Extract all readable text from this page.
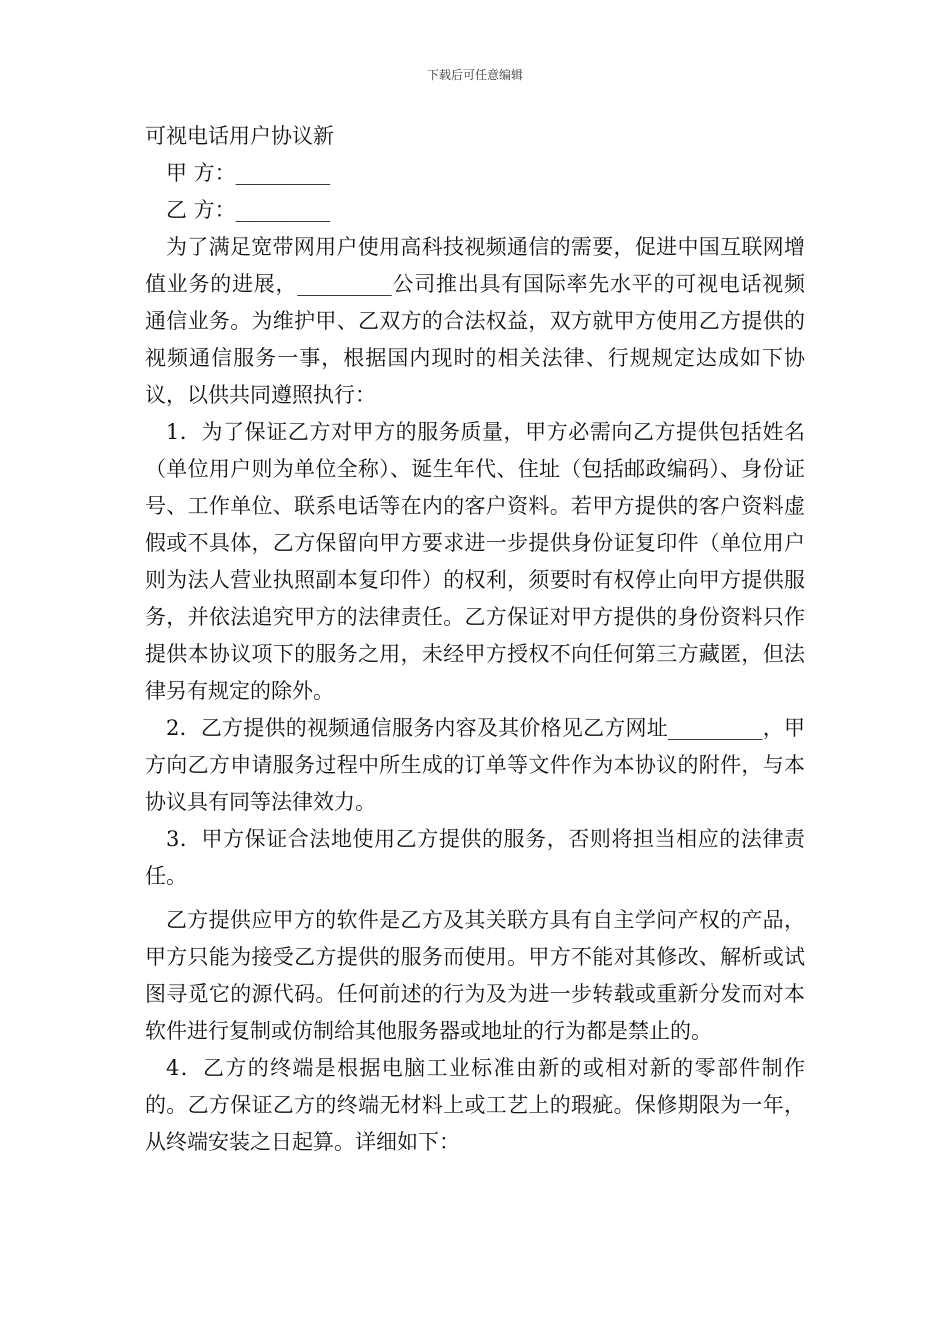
下载后可任意编辑

可视电话用户协议新

甲 方：_________

乙 方：_________

为了满足宽带网用户使用高科技视频通信的需要，促进中国互联网增值业务的进展，_________公司推出具有国际率先水平的可视电话视频通信业务。为维护甲、乙双方的合法权益，双方就甲方使用乙方提供的视频通信服务一事，根据国内现时的相关法律、行规规定达成如下协议，以供共同遵照执行：

1．为了保证乙方对甲方的服务质量，甲方必需向乙方提供包括姓名（单位用户则为单位全称）、诞生年代、住址（包括邮政编码）、身份证号、工作单位、联系电话等在内的客户资料。若甲方提供的客户资料虚假或不具体，乙方保留向甲方要求进一步提供身份证复印件（单位用户则为法人营业执照副本复印件）的权利，须要时有权停止向甲方提供服务，并依法追究甲方的法律责任。乙方保证对甲方提供的身份资料只作提供本协议项下的服务之用，未经甲方授权不向任何第三方藏匿，但法律另有规定的除外。

2．乙方提供的视频通信服务内容及其价格见乙方网址_________，甲方向乙方申请服务过程中所生成的订单等文件作为本协议的附件，与本协议具有同等法律效力。

3．甲方保证合法地使用乙方提供的服务，否则将担当相应的法律责任。

乙方提供应甲方的软件是乙方及其关联方具有自主学问产权的产品，甲方只能为接受乙方提供的服务而使用。甲方不能对其修改、解析或试图寻觅它的源代码。任何前述的行为及为进一步转载或重新分发而对本软件进行复制或仿制给其他服务器或地址的行为都是禁止的。

4．乙方的终端是根据电脑工业标准由新的或相对新的零部件制作的。乙方保证乙方的终端无材料上或工艺上的瑕疵。保修期限为一年，从终端安装之日起算。详细如下：
